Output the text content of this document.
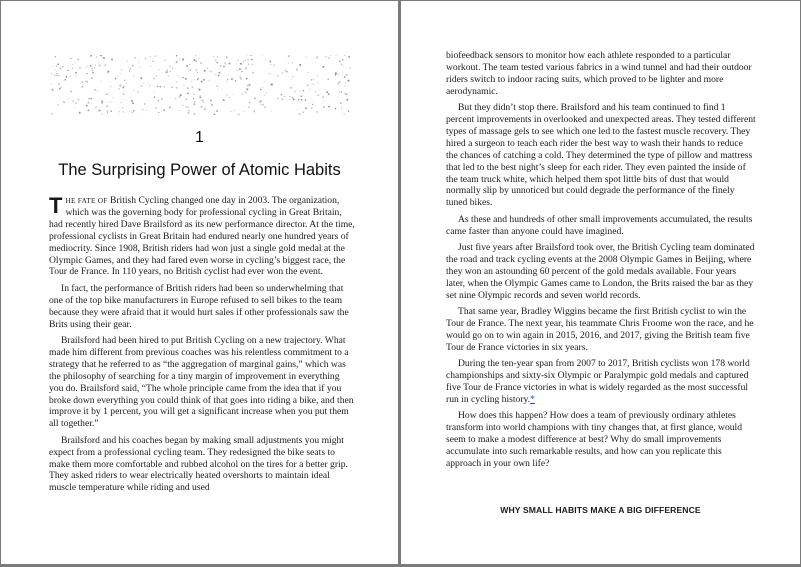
1
The Surprising Power of Atomic Habits

THE FATE OF British Cycling changed one day in 2003. The organization, which was the governing body for professional cycling in Great Britain, had recently hired Dave Brailsford as its new performance director. At the time, professional cyclists in Great Britain had endured nearly one hundred years of mediocrity. Since 1908, British riders had won just a single gold medal at the Olympic Games, and they had fared even worse in cycling’s biggest race, the Tour de France. In 110 years, no British cyclist had ever won the event.

In fact, the performance of British riders had been so underwhelming that one of the top bike manufacturers in Europe refused to sell bikes to the team because they were afraid that it would hurt sales if other professionals saw the Brits using their gear.

Brailsford had been hired to put British Cycling on a new trajectory. What made him different from previous coaches was his relentless commitment to a strategy that he referred to as “the aggregation of marginal gains,” which was the philosophy of searching for a tiny margin of improvement in everything you do. Brailsford said, “The whole principle came from the idea that if you broke down everything you could think of that goes into riding a bike, and then improve it by 1 percent, you will get a significant increase when you put them all together.”

Brailsford and his coaches began by making small adjustments you might expect from a professional cycling team. They redesigned the bike seats to make them more comfortable and rubbed alcohol on the tires for a better grip. They asked riders to wear electrically heated overshorts to maintain ideal muscle temperature while riding and used

biofeedback sensors to monitor how each athlete responded to a particular workout. The team tested various fabrics in a wind tunnel and had their outdoor riders switch to indoor racing suits, which proved to be lighter and more aerodynamic.

But they didn’t stop there. Brailsford and his team continued to find 1 percent improvements in overlooked and unexpected areas. They tested different types of massage gels to see which one led to the fastest muscle recovery. They hired a surgeon to teach each rider the best way to wash their hands to reduce the chances of catching a cold. They determined the type of pillow and mattress that led to the best night’s sleep for each rider. They even painted the inside of the team truck white, which helped them spot little bits of dust that would normally slip by unnoticed but could degrade the performance of the finely tuned bikes.

As these and hundreds of other small improvements accumulated, the results came faster than anyone could have imagined.

Just five years after Brailsford took over, the British Cycling team dominated the road and track cycling events at the 2008 Olympic Games in Beijing, where they won an astounding 60 percent of the gold medals available. Four years later, when the Olympic Games came to London, the Brits raised the bar as they set nine Olympic records and seven world records.

That same year, Bradley Wiggins became the first British cyclist to win the Tour de France. The next year, his teammate Chris Froome won the race, and he would go on to win again in 2015, 2016, and 2017, giving the British team five Tour de France victories in six years.

During the ten-year span from 2007 to 2017, British cyclists won 178 world championships and sixty-six Olympic or Paralympic gold medals and captured five Tour de France victories in what is widely regarded as the most successful run in cycling history.*

How does this happen? How does a team of previously ordinary athletes transform into world champions with tiny changes that, at first glance, would seem to make a modest difference at best? Why do small improvements accumulate into such remarkable results, and how can you replicate this approach in your own life?

WHY SMALL HABITS MAKE A BIG DIFFERENCE
